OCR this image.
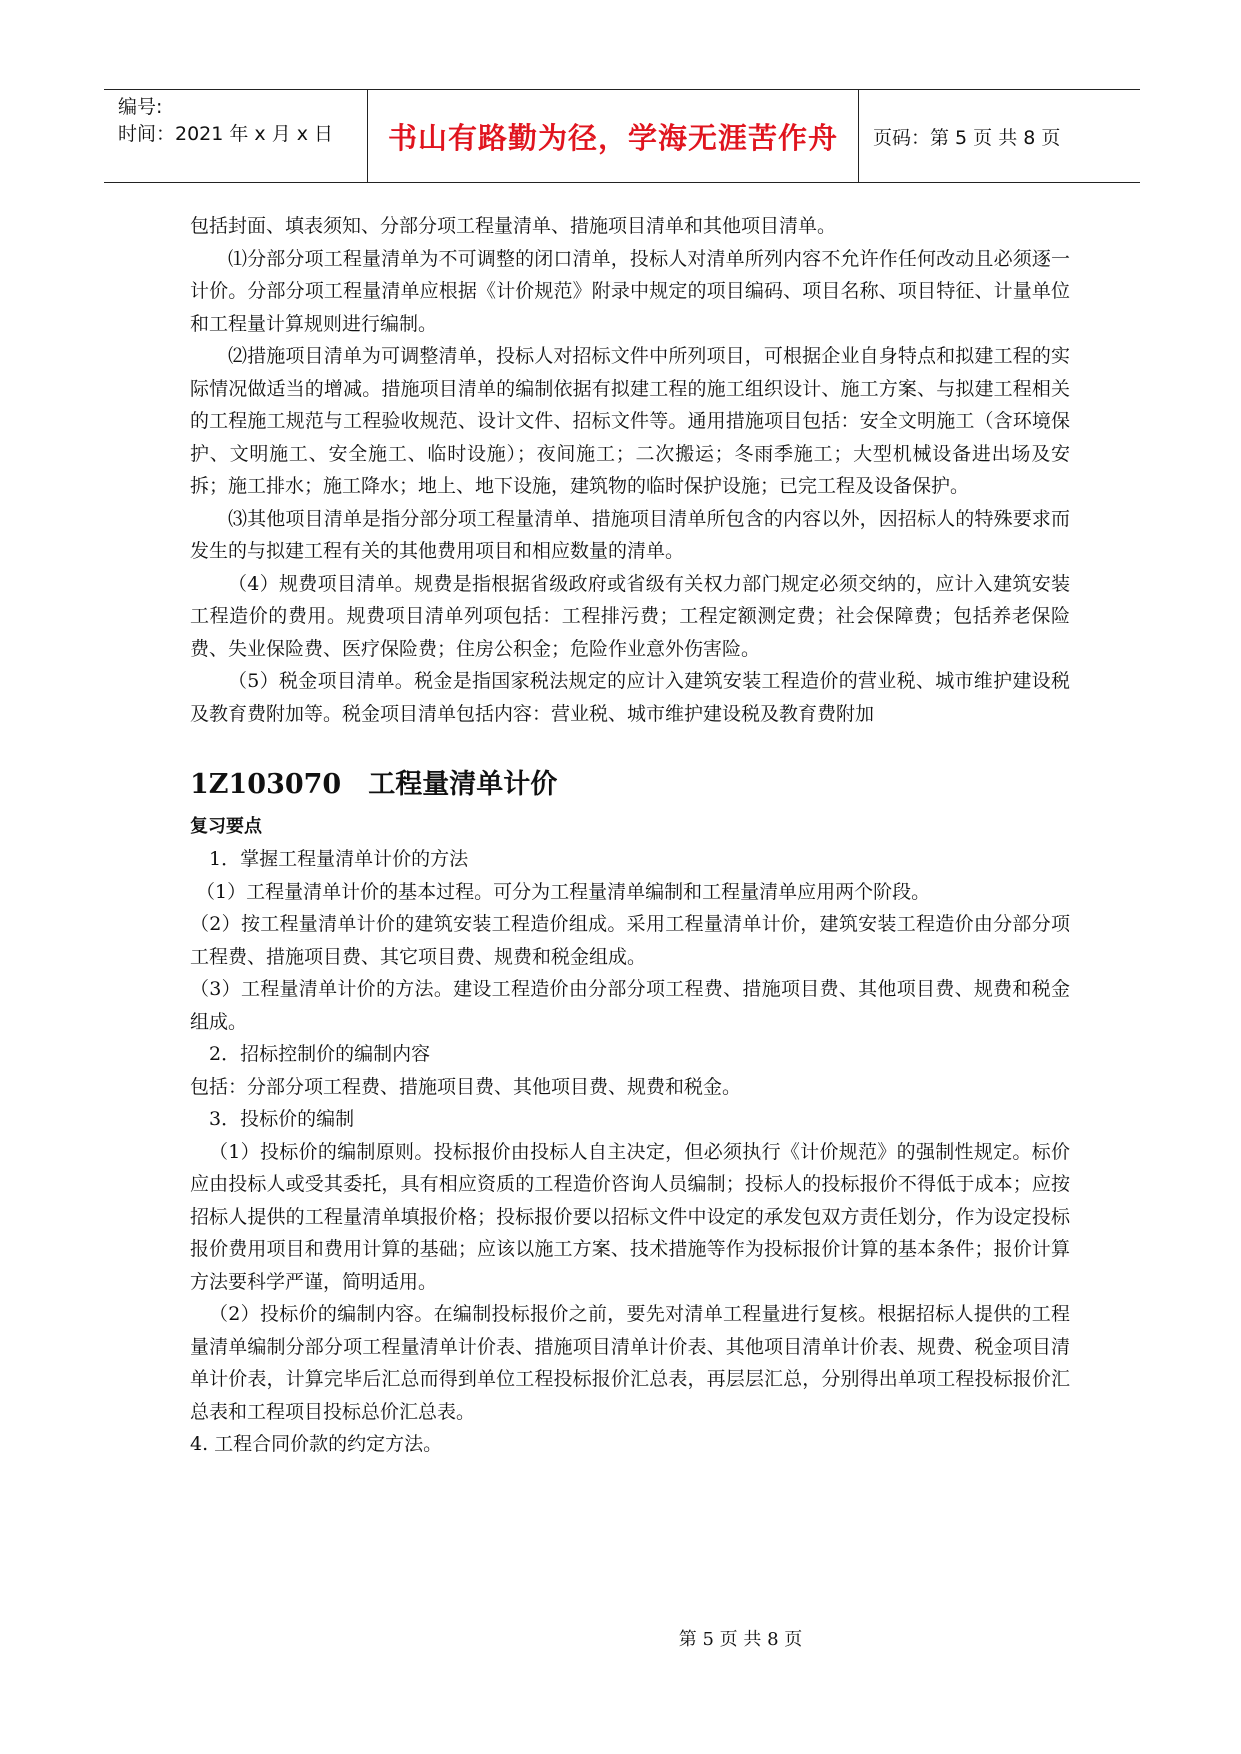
编号:
时间：2021 年 x 月 x 日	书山有路勤为径，学海无涯苦作舟 页码：第 5 页 共 8 页

包括封面、填表须知、分部分项工程量清单、措施项目清单和其他项目清单。

⑴分部分项工程量清单为不可调整的闭口清单，投标人对清单所列内容不允许作任何改动且必须逐一计价。分部分项工程量清单应根据《计价规范》附录中规定的项目编码、项目名称、项目特征、计量单位和工程量计算规则进行编制。

⑵措施项目清单为可调整清单，投标人对招标文件中所列项目，可根据企业自身特点和拟建工程的实际情况做适当的增减。措施项目清单的编制依据有拟建工程的施工组织设计、施工方案、与拟建工程相关的工程施工规范与工程验收规范、设计文件、招标文件等。通用措施项目包括：安全文明施工（含环境保护、文明施工、安全施工、临时设施）；夜间施工；二次搬运；冬雨季施工；大型机械设备进出场及安拆；施工排水；施工降水；地上、地下设施，建筑物的临时保护设施；已完工程及设备保护。

⑶其他项目清单是指分部分项工程量清单、措施项目清单所包含的内容以外，因招标人的特殊要求而发生的与拟建工程有关的其他费用项目和相应数量的清单。

（4）规费项目清单。规费是指根据省级政府或省级有关权力部门规定必须交纳的，应计入建筑安装工程造价的费用。规费项目清单列项包括：工程排污费；工程定额测定费；社会保障费；包括养老保险费、失业保险费、医疗保险费；住房公积金；危险作业意外伤害险。

（5）税金项目清单。税金是指国家税法规定的应计入建筑安装工程造价的营业税、城市维护建设税及教育费附加等。税金项目清单包括内容：营业税、城市维护建设税及教育费附加

1Z103070　工程量清单计价

复习要点

1．掌握工程量清单计价的方法

（1）工程量清单计价的基本过程。可分为工程量清单编制和工程量清单应用两个阶段。

（2）按工程量清单计价的建筑安装工程造价组成。采用工程量清单计价，建筑安装工程造价由分部分项工程费、措施项目费、其它项目费、规费和税金组成。

（3）工程量清单计价的方法。建设工程造价由分部分项工程费、措施项目费、其他项目费、规费和税金组成。

2．招标控制价的编制内容

包括：分部分项工程费、措施项目费、其他项目费、规费和税金。

3．投标价的编制

（1）投标价的编制原则。投标报价由投标人自主决定，但必须执行《计价规范》的强制性规定。标价应由投标人或受其委托，具有相应资质的工程造价咨询人员编制；投标人的投标报价不得低于成本；应按招标人提供的工程量清单填报价格；投标报价要以招标文件中设定的承发包双方责任划分，作为设定投标报价费用项目和费用计算的基础；应该以施工方案、技术措施等作为投标报价计算的基本条件；报价计算方法要科学严谨，简明适用。

（2）投标价的编制内容。在编制投标报价之前，要先对清单工程量进行复核。根据招标人提供的工程量清单编制分部分项工程量清单计价表、措施项目清单计价表、其他项目清单计价表、规费、税金项目清单计价表，计算完毕后汇总而得到单位工程投标报价汇总表，再层层汇总，分别得出单项工程投标报价汇总表和工程项目投标总价汇总表。

4. 工程合同价款的约定方法。

第 5 页 共 8 页
